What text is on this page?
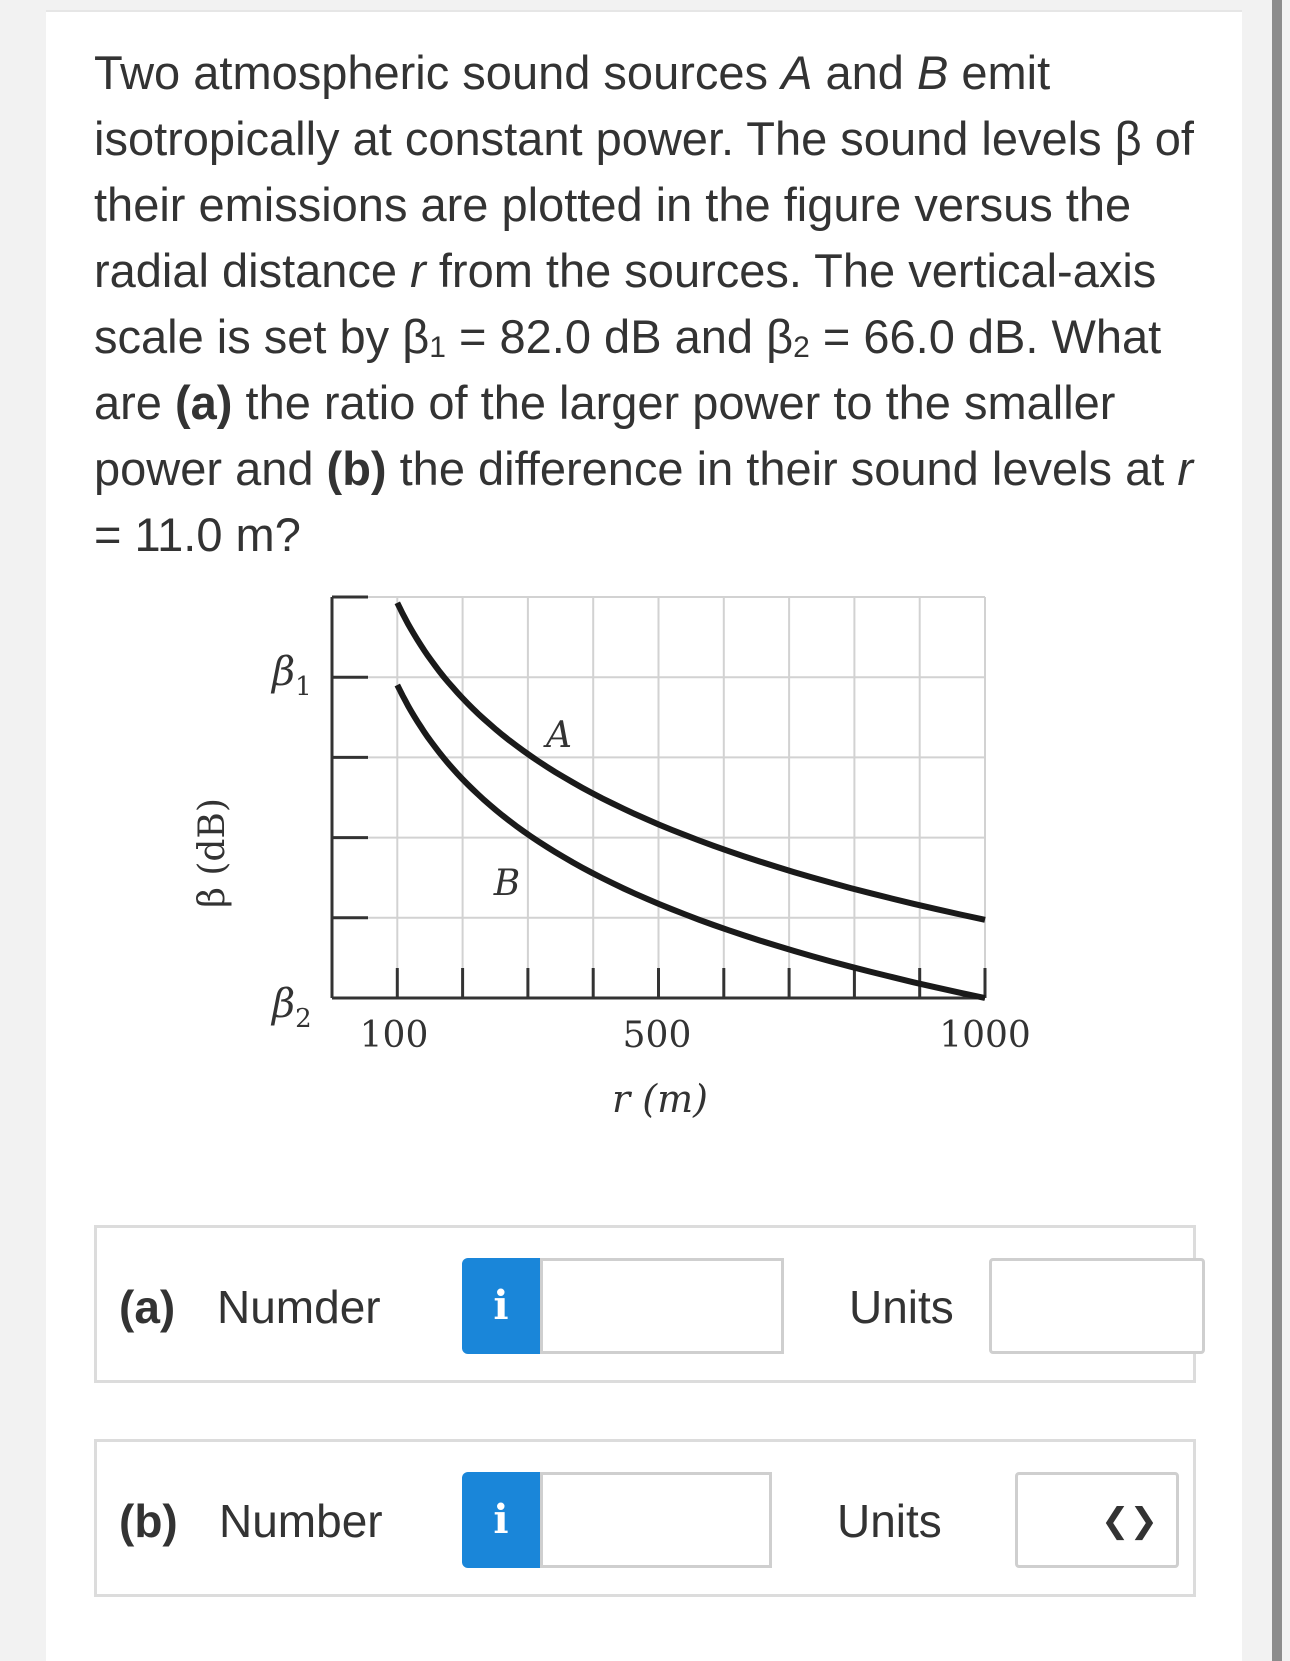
Two atmospheric sound sources A and B emit isotropically at constant power. The sound levels β of their emissions are plotted in the figure versus the radial distance r from the sources. The vertical-axis scale is set by $\beta_1 = 82.0$ dB and $\beta_2 = 66.0$ dB. What are (a) the ratio of the larger power to the smaller power and (b) the difference in their sound levels at r = 11.0 m?
100	500	1000
r (m)
β (dB)
$\beta_1$
$\beta_2$
A
B
(a) Numder	i	Units
(b) Number	i	Units	❮❯
